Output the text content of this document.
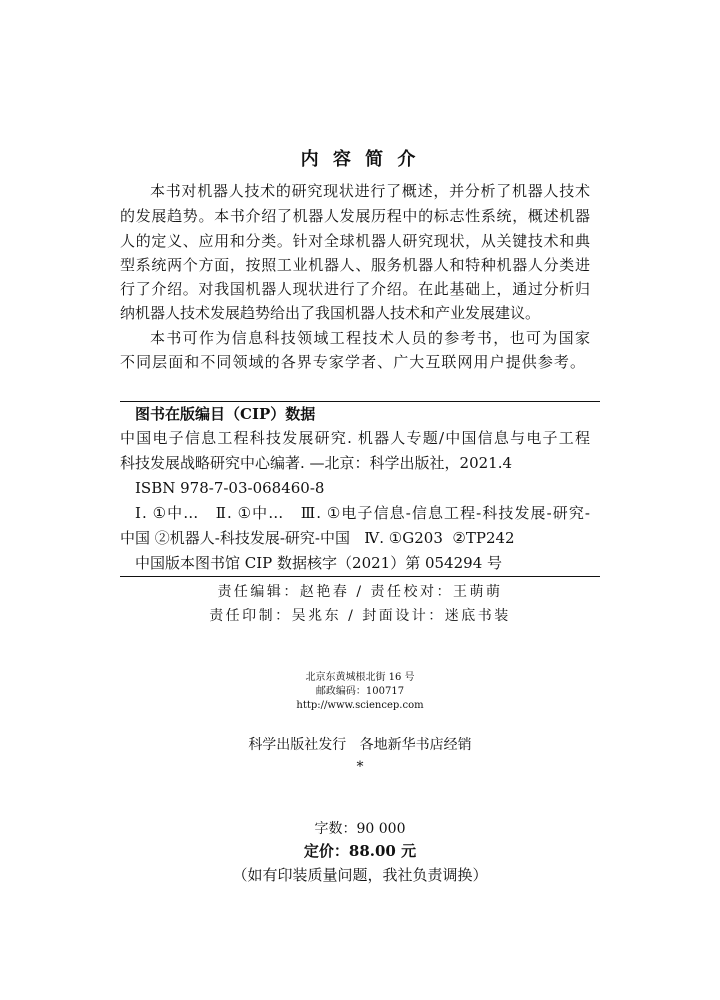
内 容 简 介
本书对机器人技术的研究现状进行了概述，并分析了机器人技术
的发展趋势。本书介绍了机器人发展历程中的标志性系统，概述机器
人的定义、应用和分类。针对全球机器人研究现状，从关键技术和典
型系统两个方面，按照工业机器人、服务机器人和特种机器人分类进
行了介绍。对我国机器人现状进行了介绍。在此基础上，通过分析归
纳机器人技术发展趋势给出了我国机器人技术和产业发展建议。
本书可作为信息科技领域工程技术人员的参考书，也可为国家
不同层面和不同领域的各界专家学者、广大互联网用户提供参考。
图书在版编目（CIP）数据
中国电子信息工程科技发展研究. 机器人专题/中国信息与电子工程
科技发展战略研究中心编著. —北京：科学出版社，2021.4
ISBN 978-7-03-068460-8
Ⅰ. ①中…   Ⅱ. ①中…   Ⅲ. ①电子信息-信息工程-科技发展-研究-
中国 ②机器人-科技发展-研究-中国   Ⅳ. ①G203  ②TP242
中国版本图书馆 CIP 数据核字（2021）第 054294 号
责任编辑：赵艳春 / 责任校对：王萌萌
责任印制：吴兆东 / 封面设计：迷底书装

北京东黄城根北街 16 号
邮政编码：100717
http://www.sciencep.com

科学出版社发行   各地新华书店经销
*

字数：90 000
定价：88.00 元
（如有印装质量问题，我社负责调换）
